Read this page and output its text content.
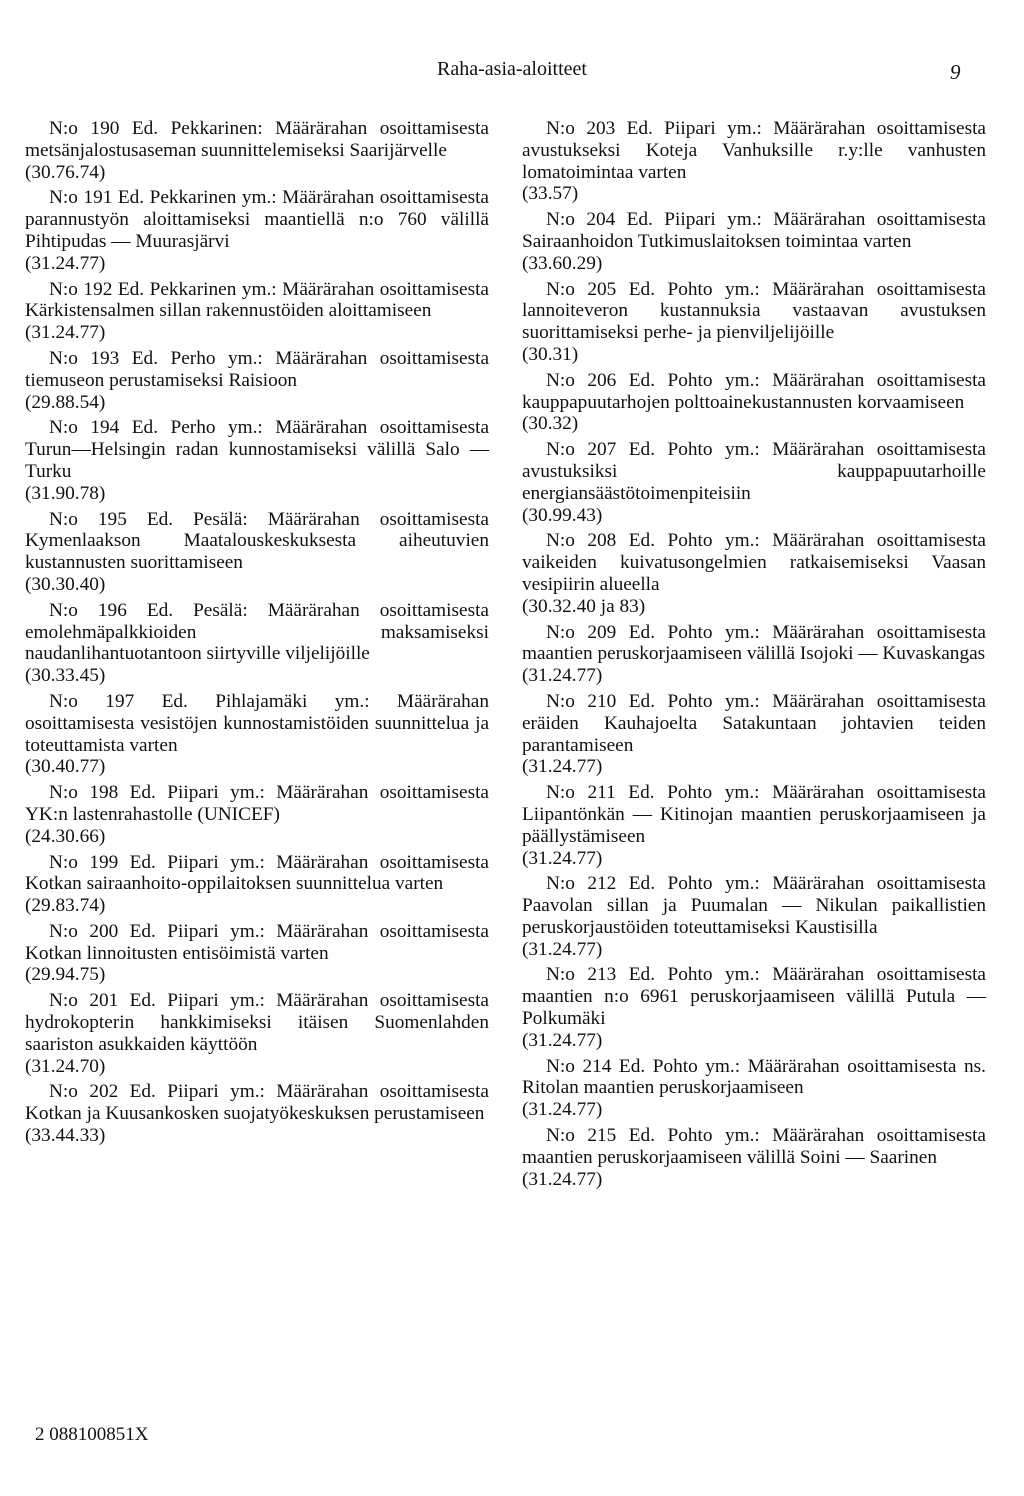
Raha-asia-aloitteet	9
N:o 190 Ed. Pekkarinen: Määrärahan osoittamisesta metsänjalostusaseman suunnittelemiseksi Saarijärvelle
(30.76.74)
N:o 191 Ed. Pekkarinen ym.: Määrärahan osoittamisesta parannustyön aloittamiseksi maantiellä n:o 760 välillä Pihtipudas — Muurasjärvi
(31.24.77)
N:o 192 Ed. Pekkarinen ym.: Määrärahan osoittamisesta Kärkistensalmen sillan rakennustöiden aloittamiseen
(31.24.77)
N:o 193 Ed. Perho ym.: Määrärahan osoittamisesta tiemuseon perustamiseksi Raisioon
(29.88.54)
N:o 194 Ed. Perho ym.: Määrärahan osoittamisesta Turun—Helsingin radan kunnostamiseksi välillä Salo — Turku
(31.90.78)
N:o 195 Ed. Pesälä: Määrärahan osoittamisesta Kymenlaakson Maatalouskeskuksesta aiheutuvien kustannusten suorittamiseen
(30.30.40)
N:o 196 Ed. Pesälä: Määrärahan osoittamisesta emolehmäpalkkioiden maksamiseksi naudanlihantuotantoon siirtyville viljelijöille
(30.33.45)
N:o 197 Ed. Pihlajamäki ym.: Määrärahan osoittamisesta vesistöjen kunnostamistöiden suunnittelua ja toteuttamista varten
(30.40.77)
N:o 198 Ed. Piipari ym.: Määrärahan osoittamisesta YK:n lastenrahastolle (UNICEF)
(24.30.66)
N:o 199 Ed. Piipari ym.: Määrärahan osoittamisesta Kotkan sairaanhoito-oppilaitoksen suunnittelua varten
(29.83.74)
N:o 200 Ed. Piipari ym.: Määrärahan osoittamisesta Kotkan linnoitusten entisöimistä varten
(29.94.75)
N:o 201 Ed. Piipari ym.: Määrärahan osoittamisesta hydrokopterin hankkimiseksi itäisen Suomenlahden saariston asukkaiden käyttöön
(31.24.70)
N:o 202 Ed. Piipari ym.: Määrärahan osoittamisesta Kotkan ja Kuusankosken suojatyökeskuksen perustamiseen
(33.44.33)
N:o 203 Ed. Piipari ym.: Määrärahan osoittamisesta avustukseksi Koteja Vanhuksille r.y:lle vanhusten lomatoimintaa varten
(33.57)
N:o 204 Ed. Piipari ym.: Määrärahan osoittamisesta Sairaanhoidon Tutkimuslaitoksen toimintaa varten
(33.60.29)
N:o 205 Ed. Pohto ym.: Määrärahan osoittamisesta lannoiteveron kustannuksia vastaavan avustuksen suorittamiseksi perhe- ja pienviljelijöille
(30.31)
N:o 206 Ed. Pohto ym.: Määrärahan osoittamisesta kauppapuutarhojen polttoainekustannusten korvaamiseen
(30.32)
N:o 207 Ed. Pohto ym.: Määrärahan osoittamisesta avustuksiksi kauppapuutarhoille energiansäästötoimenpiteisiin
(30.99.43)
N:o 208 Ed. Pohto ym.: Määrärahan osoittamisesta vaikeiden kuivatusongelmien ratkaisemiseksi Vaasan vesipiirin alueella
(30.32.40 ja 83)
N:o 209 Ed. Pohto ym.: Määrärahan osoittamisesta maantien peruskorjaamiseen välillä Isojoki — Kuvaskangas
(31.24.77)
N:o 210 Ed. Pohto ym.: Määrärahan osoittamisesta eräiden Kauhajoelta Satakuntaan johtavien teiden parantamiseen
(31.24.77)
N:o 211 Ed. Pohto ym.: Määrärahan osoittamisesta Liipantönkän — Kitinojan maantien peruskorjaamiseen ja päällystämiseen
(31.24.77)
N:o 212 Ed. Pohto ym.: Määrärahan osoittamisesta Paavolan sillan ja Puumalan — Nikulan paikallistien peruskorjaustöiden toteuttamiseksi Kaustisilla
(31.24.77)
N:o 213 Ed. Pohto ym.: Määrärahan osoittamisesta maantien n:o 6961 peruskorjaamiseen välillä Putula — Polkumäki
(31.24.77)
N:o 214 Ed. Pohto ym.: Määrärahan osoittamisesta ns. Ritolan maantien peruskorjaamiseen
(31.24.77)
N:o 215 Ed. Pohto ym.: Määrärahan osoittamisesta maantien peruskorjaamiseen välillä Soini — Saarinen
(31.24.77)
2 088100851X
